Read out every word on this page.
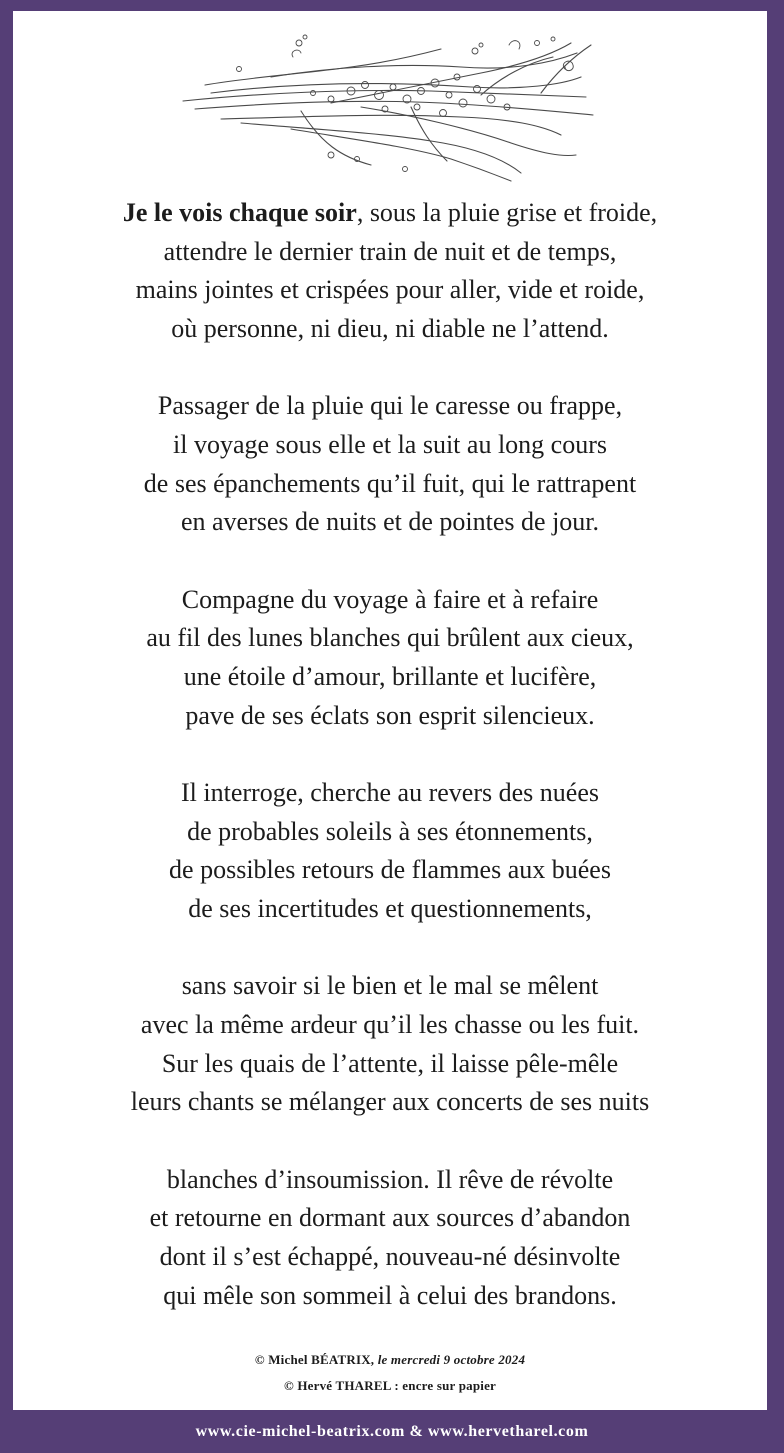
Je le vois chaque soir, sous la pluie grise et froide,

attendre le dernier train de nuit et de temps,

mains jointes et crispées pour aller, vide et roide,

où personne, ni dieu, ni diable ne l’attend.

Passager de la pluie qui le caresse ou frappe,

il voyage sous elle et la suit au long cours

de ses épanchements qu’il fuit, qui le rattrapent

en averses de nuits et de pointes de jour.

Compagne du voyage à faire et à refaire

au fil des lunes blanches qui brûlent aux cieux,

une étoile d’amour, brillante et lucifère,

pave de ses éclats son esprit silencieux.

Il interroge, cherche au revers des nuées

de probables soleils à ses étonnements,

de possibles retours de flammes aux buées

de ses incertitudes et questionnements,

sans savoir si le bien et le mal se mêlent

avec la même ardeur qu’il les chasse ou les fuit.

Sur les quais de l’attente, il laisse pêle-mêle

leurs chants se mélanger aux concerts de ses nuits

blanches d’insoumission. Il rêve de révolte

et retourne en dormant aux sources d’abandon

dont il s’est échappé, nouveau-né désinvolte

qui mêle son sommeil à celui des brandons.

© Michel BÉATRIX, le mercredi 9 octobre 2024
© Hervé THAREL : encre sur papier
www.cie-michel-beatrix.com & www.hervetharel.com
